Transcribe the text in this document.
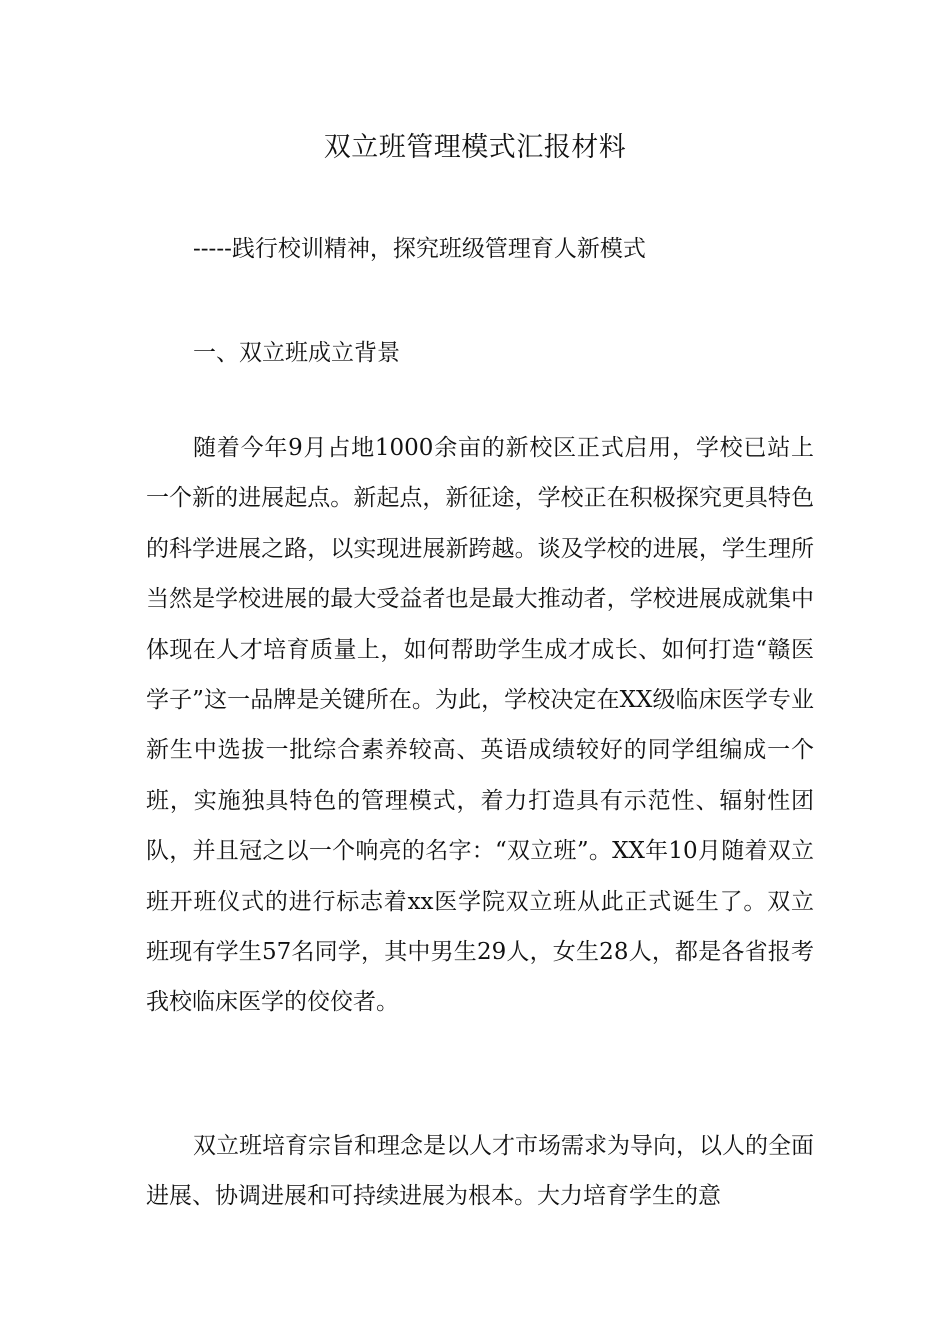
双立班管理模式汇报材料
-----践行校训精神，探究班级管理育人新模式
一、双立班成立背景

随着今年9月占地1000余亩的新校区正式启用，学校已站上一个新的进展起点。新起点，新征途，学校正在积极探究更具特色的科学进展之路，以实现进展新跨越。谈及学校的进展，学生理所当然是学校进展的最大受益者也是最大推动者，学校进展成就集中体现在人才培育质量上，如何帮助学生成才成长、如何打造“赣医学子”这一品牌是关键所在。为此，学校决定在XX级临床医学专业新生中选拔一批综合素养较高、英语成绩较好的同学组编成一个班，实施独具特色的管理模式，着力打造具有示范性、辐射性团队，并且冠之以一个响亮的名字：“双立班”。XX年10月随着双立班开班仪式的进行标志着xx医学院双立班从此正式诞生了。双立班现有学生57名同学，其中男生29人，女生28人，都是各省报考我校临床医学的佼佼者。

双立班培育宗旨和理念是以人才市场需求为导向，以人的全面进展、协调进展和可持续进展为根本。大力培育学生的意
